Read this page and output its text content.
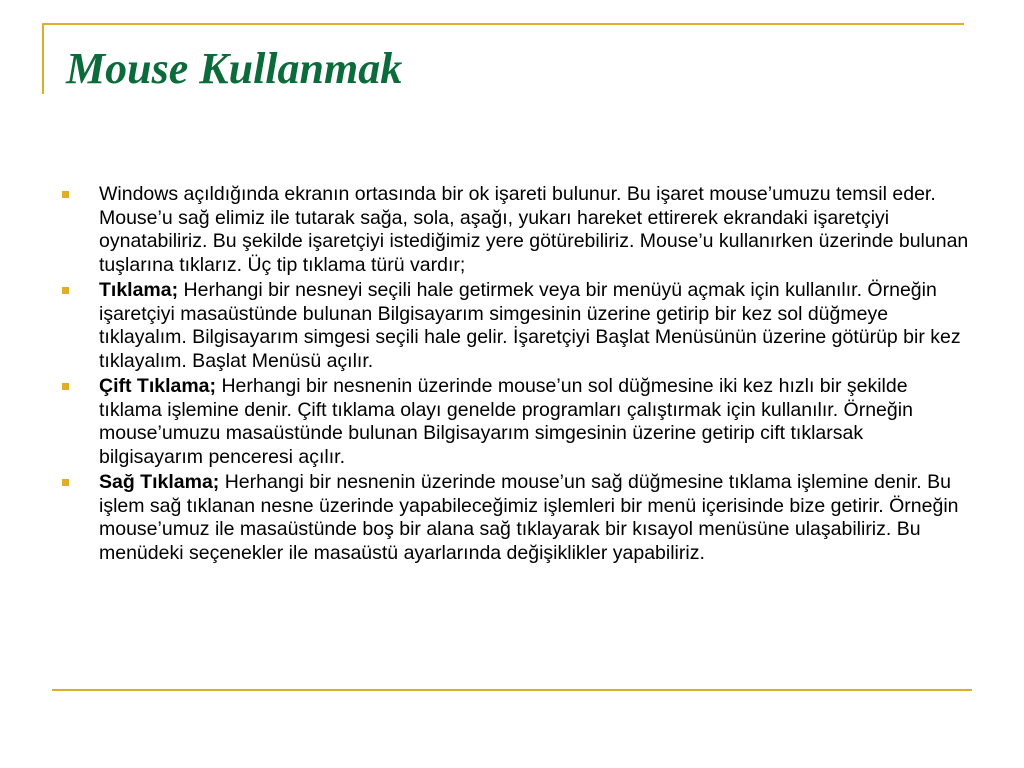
Mouse Kullanmak
Windows açıldığında ekranın ortasında bir ok işareti bulunur. Bu işaret mouse’umuzu temsil eder. Mouse’u sağ elimiz ile tutarak sağa, sola, aşağı, yukarı hareket ettirerek ekrandaki işaretçiyi oynatabiliriz. Bu şekilde işaretçiyi istediğimiz yere götürebiliriz. Mouse’u kullanırken üzerinde bulunan tuşlarına tıklarız. Üç tip tıklama türü vardır;
Tıklama; Herhangi bir nesneyi seçili hale getirmek veya bir menüyü açmak için kullanılır. Örneğin işaretçiyi masaüstünde bulunan Bilgisayarım simgesinin üzerine getirip bir kez sol düğmeye tıklayalım. Bilgisayarım simgesi seçili hale gelir. İşaretçiyi Başlat Menüsünün üzerine götürüp bir kez tıklayalım. Başlat Menüsü açılır.
Çift Tıklama; Herhangi bir nesnenin üzerinde mouse’un sol düğmesine iki kez hızlı bir şekilde tıklama işlemine denir. Çift tıklama olayı genelde programları çalıştırmak için kullanılır. Örneğin mouse’umuzu masaüstünde bulunan Bilgisayarım simgesinin üzerine getirip cift tıklarsak bilgisayarım penceresi açılır.
Sağ Tıklama; Herhangi bir nesnenin üzerinde mouse’un sağ düğmesine tıklama işlemine denir. Bu işlem sağ tıklanan nesne üzerinde yapabileceğimiz işlemleri bir menü içerisinde bize getirir. Örneğin mouse’umuz ile masaüstünde boş bir alana sağ tıklayarak bir kısayol menüsüne ulaşabiliriz. Bu menüdeki seçenekler ile masaüstü ayarlarında değişiklikler yapabiliriz.
